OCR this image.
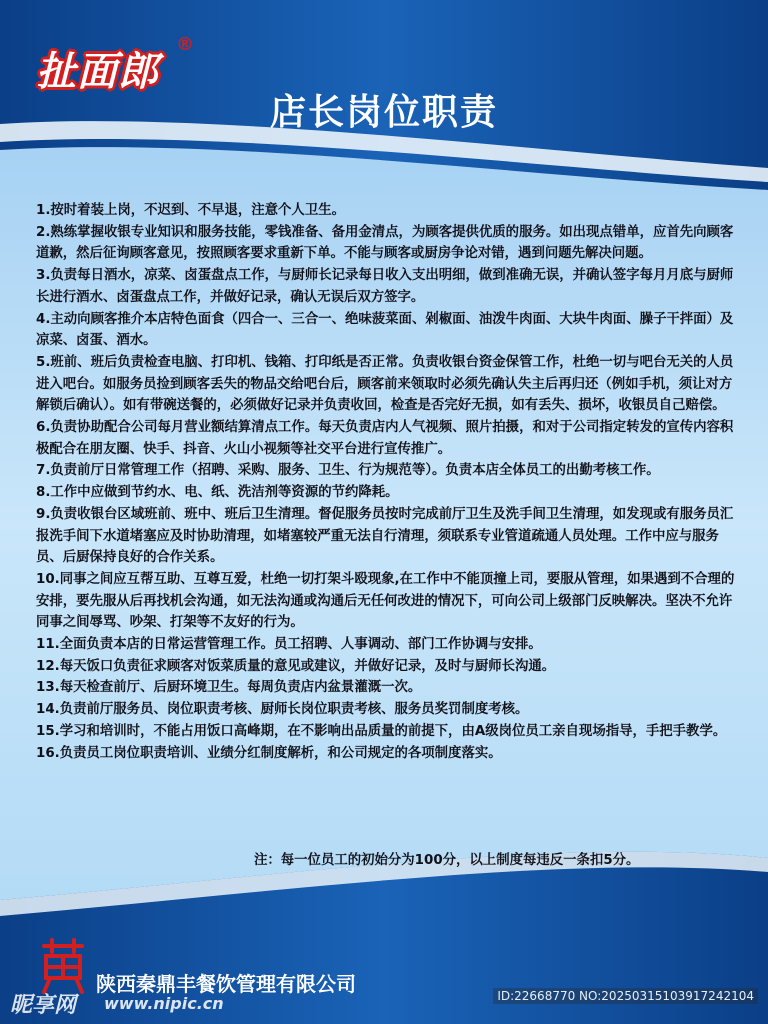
扯面郎
®
店长岗位职责

1.按时着装上岗，不迟到、不早退，注意个人卫生。

2.熟练掌握收银专业知识和服务技能，零钱准备、备用金清点，为顾客提供优质的服务。如出现点错单，应首先向顾客道歉，然后征询顾客意见，按照顾客要求重新下单。不能与顾客或厨房争论对错，遇到问题先解决问题。

3.负责每日酒水，凉菜、卤蛋盘点工作，与厨师长记录每日收入支出明细，做到准确无误，并确认签字每月月底与厨师长进行酒水、卤蛋盘点工作，并做好记录，确认无误后双方签字。

4.主动向顾客推介本店特色面食（四合一、三合一、绝味菠菜面、剁椒面、油泼牛肉面、大块牛肉面、臊子干拌面）及凉菜、卤蛋、酒水。

5.班前、班后负责检查电脑、打印机、钱箱、打印纸是否正常。负责收银台资金保管工作，杜绝一切与吧台无关的人员进入吧台。如服务员捡到顾客丢失的物品交给吧台后，顾客前来领取时必须先确认失主后再归还（例如手机，须让对方解锁后确认）。如有带碗送餐的，必须做好记录并负责收回，检查是否完好无损，如有丢失、损坏，收银员自己赔偿。

6.负责协助配合公司每月营业额结算清点工作。每天负责店内人气视频、照片拍摄，和对于公司指定转发的宣传内容积极配合在朋友圈、快手、抖音、火山小视频等社交平台进行宣传推广。

7.负责前厅日常管理工作（招聘、采购、服务、卫生、行为规范等）。负责本店全体员工的出勤考核工作。

8.工作中应做到节约水、电、纸、洗洁剂等资源的节约降耗。

9.负责收银台区域班前、班中、班后卫生清理。督促服务员按时完成前厅卫生及洗手间卫生清理，如发现或有服务员汇报洗手间下水道堵塞应及时协助清理，如堵塞较严重无法自行清理，须联系专业管道疏通人员处理。工作中应与服务员、后厨保持良好的合作关系。

10.同事之间应互帮互助、互尊互爱，杜绝一切打架斗殴现象,在工作中不能顶撞上司，要服从管理，如果遇到不合理的安排，要先服从后再找机会沟通，如无法沟通或沟通后无任何改进的情况下，可向公司上级部门反映解决。坚决不允许同事之间辱骂、吵架、打架等不友好的行为。

11.全面负责本店的日常运营管理工作。员工招聘、人事调动、部门工作协调与安排。

12.每天饭口负责征求顾客对饭菜质量的意见或建议，并做好记录，及时与厨师长沟通。

13.每天检查前厅、后厨环境卫生。每周负责店内盆景灌溉一次。

14.负责前厅服务员、岗位职责考核、厨师长岗位职责考核、服务员奖罚制度考核。

15.学习和培训时，不能占用饭口高峰期，在不影响出品质量的前提下，由A级岗位员工亲自现场指导，手把手教学。

16.负责员工岗位职责培训、业绩分红制度解析，和公司规定的各项制度落实。

注：每一位员工的初始分为100分，以上制度每违反一条扣5分。
陕西秦鼎丰餐饮管理有限公司
昵享网 www.nipic.cn	ID:22668770 NO:20250315103917242104
